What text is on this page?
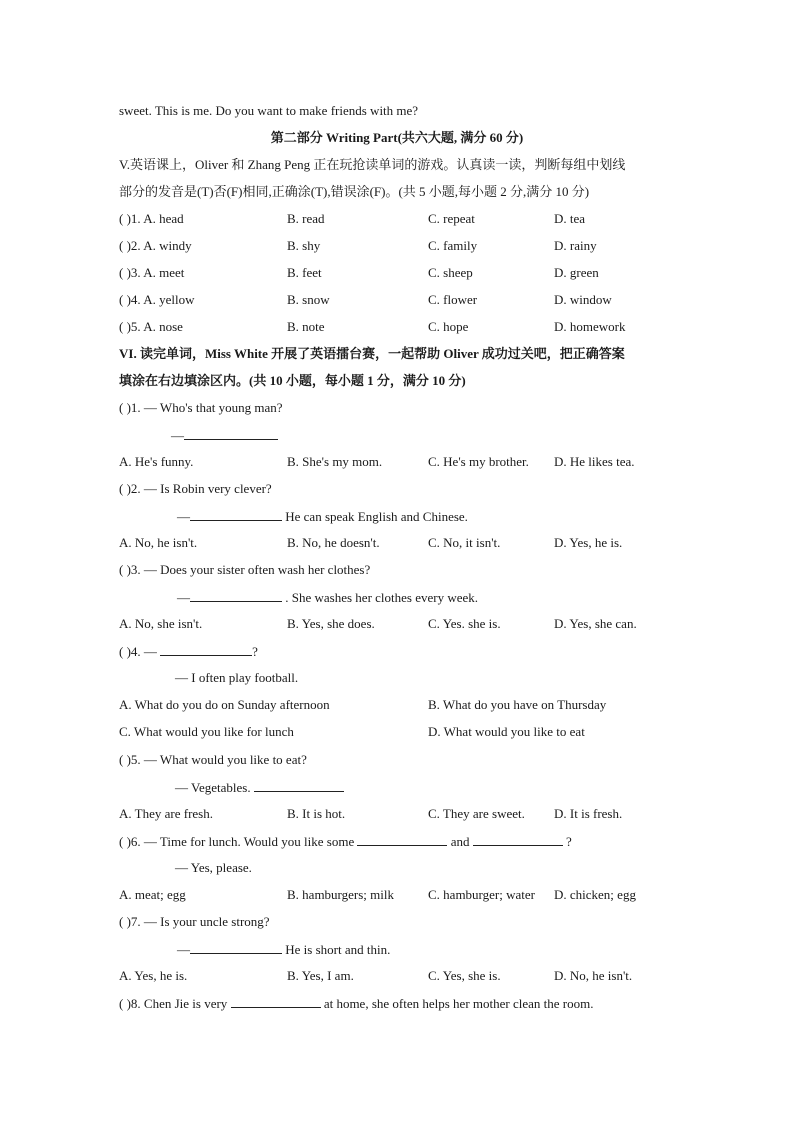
sweet. This is me. Do you want to make friends with me?
第二部分 Writing Part(共六大题, 满分 60 分)
V.英语课上，Oliver 和 Zhang Peng 正在玩抢读单词的游戏。认真读一读，判断每组中划线
部分的发音是(T)否(F)相同,正确涂(T),错误涂(F)。(共 5 小题,每小题 2 分,满分 10 分)
( )1. A. head	B. read	C. repeat	D. tea
( )2. A. windy	B. shy	C. family	D. rainy
( )3. A. meet	B. feet	C. sheep	D. green
( )4. A. yellow	B. snow	C. flower	D. window
( )5. A. nose	B. note	C. hope	D. homework
VI. 读完单词，Miss White 开展了英语擂台赛，一起帮助 Oliver 成功过关吧，把正确答案
填涂在右边填涂区内。(共 10 小题，每小题 1 分，满分 10 分)
( )1. — Who's that young man?
—
A. He's funny.	B. She's my mom.	C. He's my brother. D. He likes tea.
( )2. — Is Robin very clever?
—	He can speak English and Chinese.
A. No, he isn't.	B. No, he doesn't.	C. No, it isn't.	D. Yes, he is.
( )3. — Does your sister often wash her clothes?
—	. She washes her clothes every week.
A. No, she isn't.	B. Yes, she does.	C. Yes. she is.	D. Yes, she can.
( )4. —	?
— I often play football.
A. What do you do on Sunday afternoon	B. What do you have on Thursday
C. What would you like for lunch	D. What would you like to eat
( )5. — What would you like to eat?
— Vegetables.
A. They are fresh.	B. It is hot.	C. They are sweet. D. It is fresh.
( )6. — Time for lunch. Would you like some	and	?
— Yes, please.
A. meat; egg	B. hamburgers; milk	C. hamburger; water D. chicken; egg
( )7. — Is your uncle strong?
—	He is short and thin.
A. Yes, he is.	B. Yes, I am.	C. Yes, she is.	D. No, he isn't.
( )8. Chen Jie is very	at home, she often helps her mother clean the room.
